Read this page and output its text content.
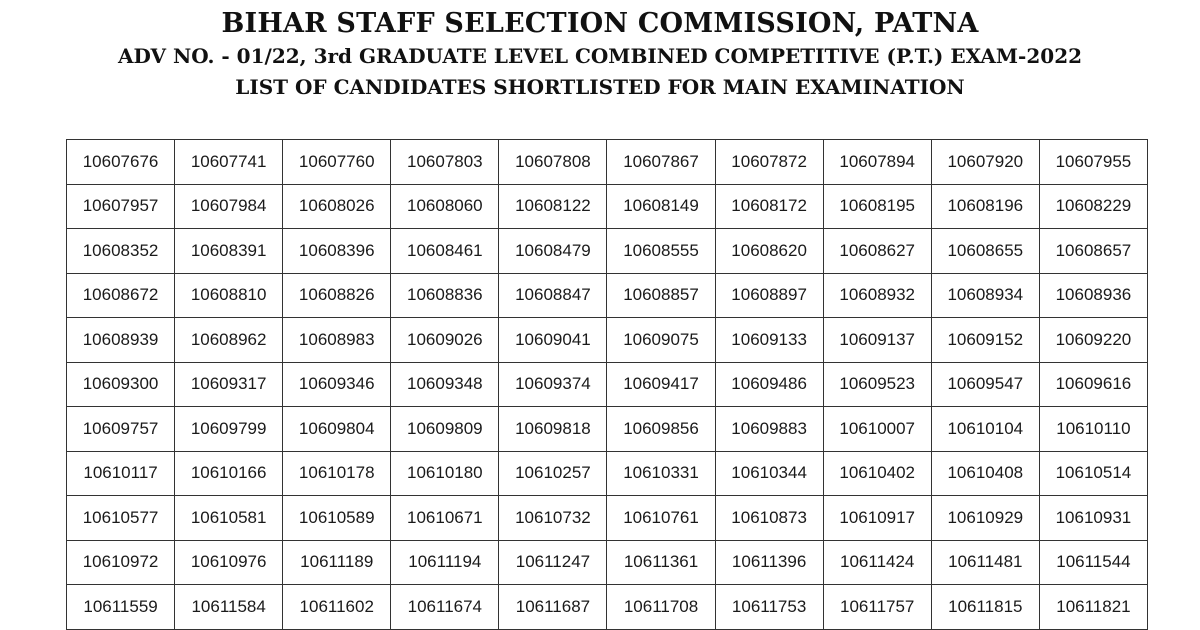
BIHAR STAFF SELECTION COMMISSION, PATNA
ADV NO. - 01/22, 3rd GRADUATE LEVEL COMBINED COMPETITIVE (P.T.) EXAM-2022
LIST OF CANDIDATES SHORTLISTED FOR MAIN EXAMINATION
10607676	10607741	10607760	10607803	10607808	10607867	10607872	10607894	10607920	10607955
10607957	10607984	10608026	10608060	10608122	10608149	10608172	10608195	10608196	10608229
10608352	10608391	10608396	10608461	10608479	10608555	10608620	10608627	10608655	10608657
10608672	10608810	10608826	10608836	10608847	10608857	10608897	10608932	10608934	10608936
10608939	10608962	10608983	10609026	10609041	10609075	10609133	10609137	10609152	10609220
10609300	10609317	10609346	10609348	10609374	10609417	10609486	10609523	10609547	10609616
10609757	10609799	10609804	10609809	10609818	10609856	10609883	10610007	10610104	10610110
10610117	10610166	10610178	10610180	10610257	10610331	10610344	10610402	10610408	10610514
10610577	10610581	10610589	10610671	10610732	10610761	10610873	10610917	10610929	10610931
10610972	10610976	10611189	10611194	10611247	10611361	10611396	10611424	10611481	10611544
10611559	10611584	10611602	10611674	10611687	10611708	10611753	10611757	10611815	10611821
